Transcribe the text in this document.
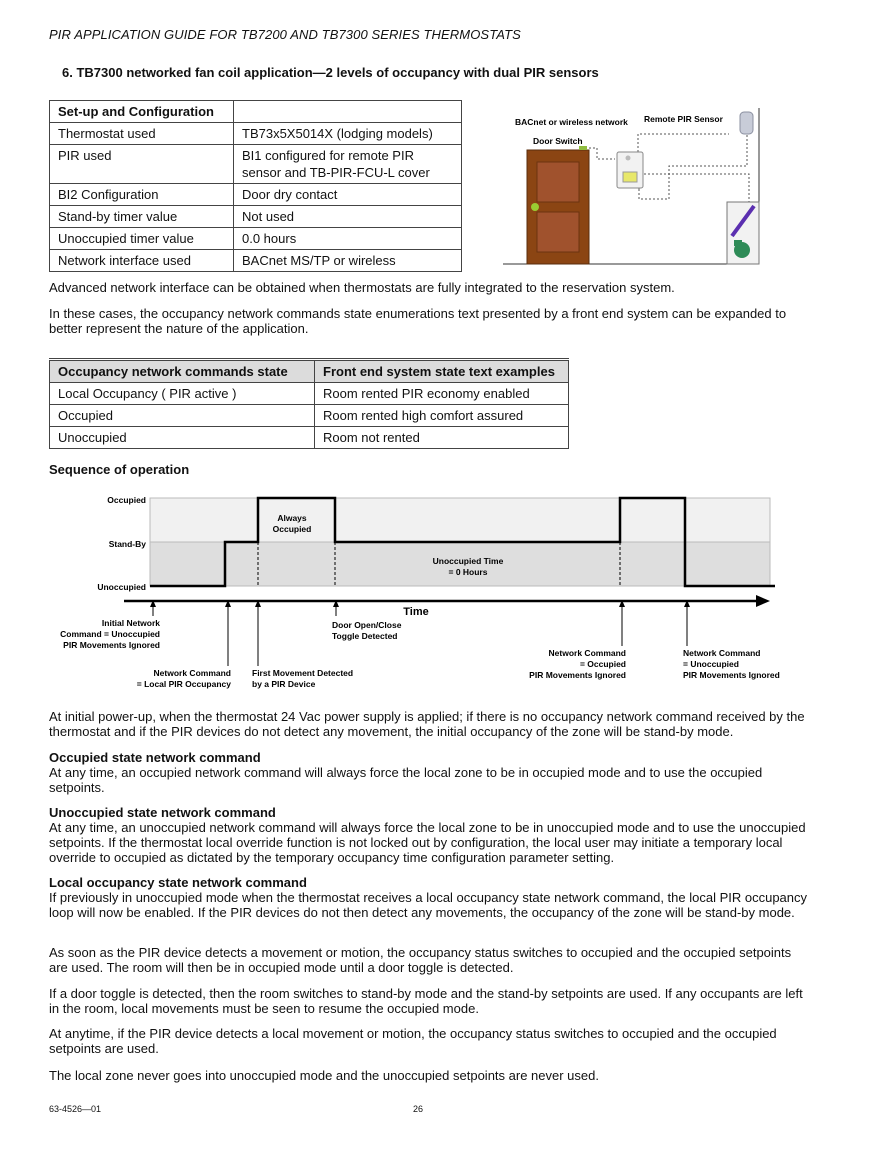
PIR APPLICATION GUIDE FOR TB7200 AND TB7300 SERIES THERMOSTATS
6. TB7300 networked fan coil application—2 levels of occupancy with dual PIR sensors
Set-up and Configuration	
Thermostat used	TB73x5X5014X (lodging models)
PIR used	BI1 configured for remote PIR sensor and TB-PIR-FCU-L cover
BI2 Configuration	Door dry contact
Stand-by timer value	Not used
Unoccupied timer value	0.0 hours
Network interface used	BACnet MS/TP or wireless
BACnet or wireless network Remote PIR Sensor
Door Switch
Advanced network interface can be obtained when thermostats are fully integrated to the reservation system.
In these cases, the occupancy network commands state enumerations text presented by a front end system can be expanded to better represent the nature of the application.
Occupancy network commands state	Front end system state text examples
Local Occupancy ( PIR active )	Room rented PIR economy enabled
Occupied	Room rented high comfort assured
Unoccupied	Room not rented
Sequence of operation
Occupied
Stand-By
Unoccupied
Always
Occupied
Unoccupied Time
= 0 Hours
Time
Initial Network
Command = Unoccupied
PIR Movements Ignored
Network Command
= Local PIR Occupancy
First Movement Detected
by a PIR Device
Door Open/Close
Toggle Detected
Network Command
= Occupied
PIR Movements Ignored
Network Command
= Unoccupied
PIR Movements Ignored
At initial power-up, when the thermostat 24 Vac power supply is applied; if there is no occupancy network command received by the thermostat and if the PIR devices do not detect any movement, the initial occupancy of the zone will be stand-by mode.
Occupied state network command
At any time, an occupied network command will always force the local zone to be in occupied mode and to use the occupied setpoints.
Unoccupied state network command
At any time, an unoccupied network command will always force the local zone to be in unoccupied mode and to use the unoccupied setpoints. If the thermostat local override function is not locked out by configuration, the local user may initiate a temporary local override to occupied as dictated by the temporary occupancy time configuration parameter setting.
Local occupancy state network command
If previously in unoccupied mode when the thermostat receives a local occupancy state network command, the local PIR occupancy loop will now be enabled. If the PIR devices do not then detect any movements, the occupancy of the zone will be stand-by mode.
As soon as the PIR device detects a movement or motion, the occupancy status switches to occupied and the occupied setpoints are used. The room will then be in occupied mode until a door toggle is detected.
If a door toggle is detected, then the room switches to stand-by mode and the stand-by setpoints are used. If any occupants are left in the room, local movements must be seen to resume the occupied mode.
At anytime, if the PIR device detects a local movement or motion, the occupancy status switches to occupied and the occupied setpoints are used.
The local zone never goes into unoccupied mode and the unoccupied setpoints are never used.
63-4526—01	26
